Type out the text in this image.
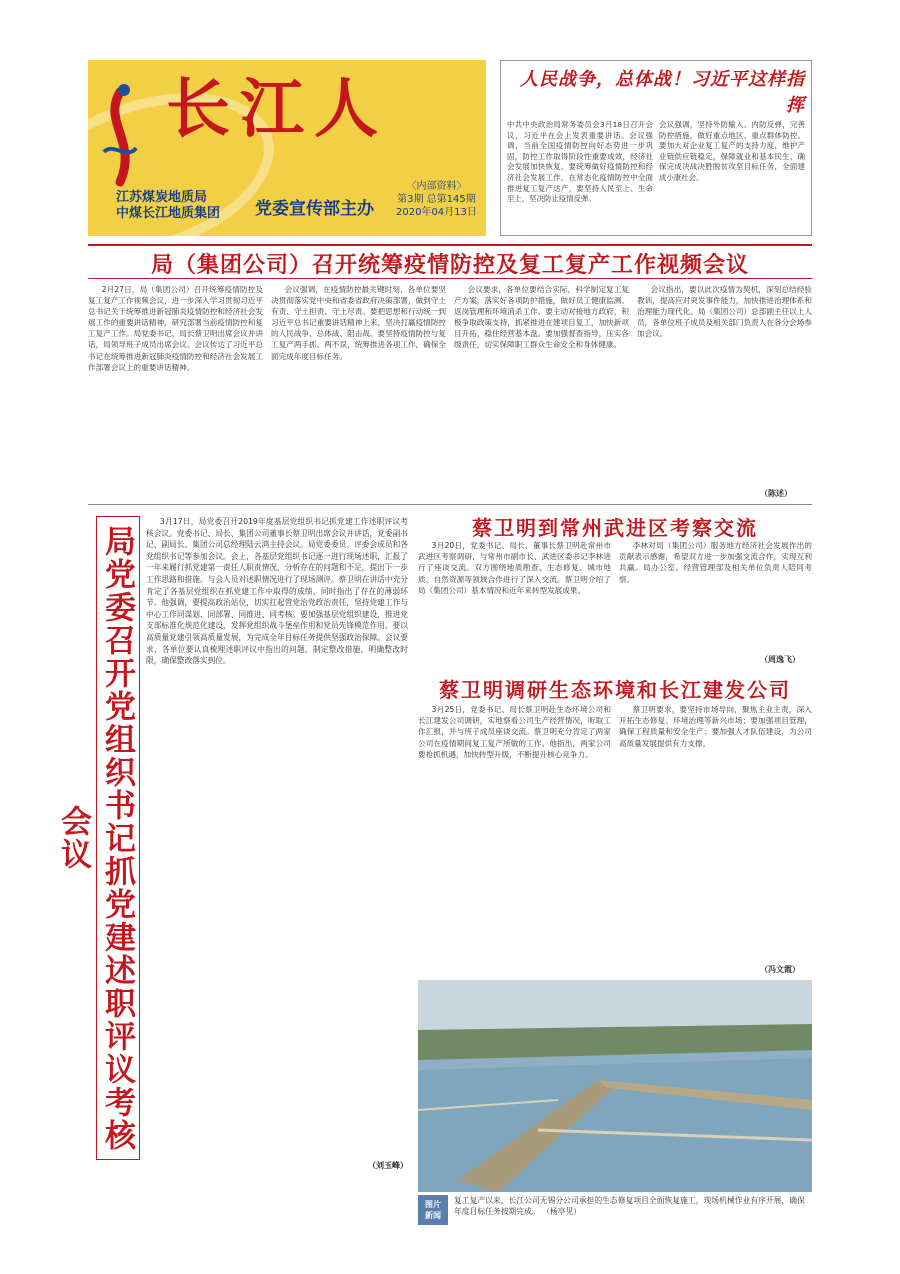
长江人
江苏煤炭地质局
中煤长江地质集团 党委宣传部主办
〈内部资料〉
第3期 总第145期
2020年04月13日
人民战争，总体战！习近平这样指挥
中共中央政治局常务委员会3月18日召开会议，习近平在会上发表重要讲话。会议强调，当前全国疫情防控向好态势进一步巩固，防控工作取得阶段性重要成效，经济社会发展加快恢复。要统筹做好疫情防控和经济社会发展工作，在常态化疫情防控中全面推进复工复产达产，要坚持人民至上、生命至上，坚决防止疫情反弹。
会议强调，坚持外防输入、内防反弹，完善防控措施，做好重点地区、重点群体防控。要加大对企业复工复产的支持力度，维护产业链供应链稳定，保障就业和基本民生，确保完成决战决胜脱贫攻坚目标任务，全面建成小康社会。
局（集团公司）召开统筹疫情防控及复工复产工作视频会议
2月27日，局（集团公司）召开统筹疫情防控及复工复产工作视频会议，进一步深入学习贯彻习近平总书记关于统筹推进新冠肺炎疫情防控和经济社会发展工作的重要讲话精神，研究部署当前疫情防控和复工复产工作。局党委书记、局长蔡卫明出席会议并讲话，局领导班子成员出席会议。会议传达了习近平总书记在统筹推进新冠肺炎疫情防控和经济社会发展工作部署会议上的重要讲话精神。
会议强调，在疫情防控最关键时刻，各单位要坚决贯彻落实党中央和省委省政府决策部署，做到守土有责、守土担责、守土尽责。要把思想和行动统一到习近平总书记重要讲话精神上来，坚决打赢疫情防控的人民战争、总体战、阻击战。要坚持疫情防控与复工复产两手抓、两不误，统筹推进各项工作，确保全面完成年度目标任务。
会议要求，各单位要结合实际，科学制定复工复产方案，落实好各项防护措施，做好员工健康监测、返岗管理和环境消杀工作。要主动对接地方政府，积极争取政策支持，抓紧推进在建项目复工，加快新项目开拓，稳住经营基本盘。要加强督查指导，压实各级责任，切实保障职工群众生命安全和身体健康。
会议指出，要以此次疫情为契机，深刻总结经验教训，提高应对突发事件能力，加快推进治理体系和治理能力现代化。局（集团公司）总部副主任以上人员，各单位班子成员及相关部门负责人在各分会场参加会议。
（陈述）
局党委召开党组织书记抓党建述职评议考核会议
3月17日，局党委召开2019年度基层党组织书记抓党建工作述职评议考核会议。党委书记、局长、集团公司董事长蔡卫明出席会议并讲话，党委副书记、副局长、集团公司总经理陆云鸿主持会议。局党委委员、评委会成员和各党组织书记等参加会议。会上，各基层党组织书记逐一进行现场述职，汇报了一年来履行抓党建第一责任人职责情况，分析存在的问题和不足，提出下一步工作思路和措施。与会人员对述职情况进行了现场测评。蔡卫明在讲话中充分肯定了各基层党组织在抓党建工作中取得的成绩，同时指出了存在的薄弱环节。他强调，要提高政治站位，切实扛起管党治党政治责任，坚持党建工作与中心工作同谋划、同部署、同推进、同考核。要加强基层党组织建设，推进党支部标准化规范化建设，发挥党组织战斗堡垒作用和党员先锋模范作用。要以高质量党建引领高质量发展，为完成全年目标任务提供坚强政治保障。会议要求，各单位要认真梳理述职评议中指出的问题，制定整改措施，明确整改时限，确保整改落实到位。
（刘玉峰）
蔡卫明到常州武进区考察交流
3月20日，党委书记、局长、董事长蔡卫明赴常州市武进区考察调研，与常州市副市长、武进区委书记李林进行了座谈交流。双方围绕地质勘查、生态修复、城市地质、自然资源等领域合作进行了深入交流。蔡卫明介绍了局（集团公司）基本情况和近年来转型发展成果。
李林对局（集团公司）服务地方经济社会发展作出的贡献表示感谢，希望双方进一步加强交流合作，实现互利共赢。局办公室、经营管理部及相关单位负责人陪同考察。
（周逸飞）
蔡卫明调研生态环境和长江建发公司
3月25日，党委书记、局长蔡卫明赴生态环境公司和长江建发公司调研，实地察看公司生产经营情况，听取工作汇报，并与班子成员座谈交流。蔡卫明充分肯定了两家公司在疫情期间复工复产所做的工作。他指出，两家公司要抢抓机遇，加快转型升级，不断提升核心竞争力。
蔡卫明要求，要坚持市场导向，聚焦主业主责，深入开拓生态修复、环境治理等新兴市场；要加强项目管理，确保工程质量和安全生产；要加强人才队伍建设，为公司高质量发展提供有力支撑。
（冯文霞）
图片
新闻
复工复产以来，长江公司无锡分公司承担的生态修复项目全面恢复施工，现场机械作业有序开展，确保年度目标任务按期完成。 （杨亭见）
